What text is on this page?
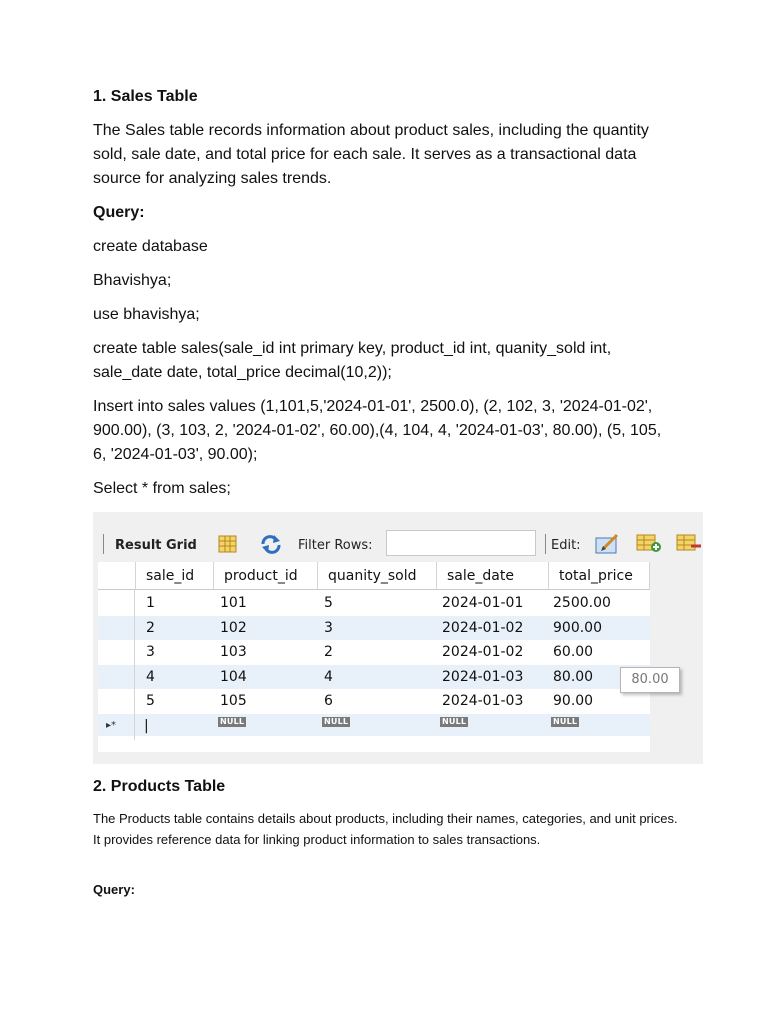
1. Sales Table
The Sales table records information about product sales, including the quantity sold, sale date, and total price for each sale. It serves as a transactional data source for analyzing sales trends.
Query:
create database
Bhavishya;
use bhavishya;
create table sales(sale_id int primary key, product_id int, quanity_sold int, sale_date date, total_price decimal(10,2));
Insert into sales values (1,101,5,'2024-01-01', 2500.0), (2, 102, 3, '2024-01-02', 900.00), (3, 103, 2, '2024-01-02', 60.00),(4, 104, 4, '2024-01-03', 80.00), (5, 105, 6, '2024-01-03', 90.00);
Select * from sales;
Result Grid	Filter Rows:	Edit:
sale_id	product_id	quanity_sold	sale_date	total_price
1	101	5	2024-01-01 2500.00
2	102	3	2024-01-02 900.00
3	103	2	2024-01-02 60.00
4	104	4	2024-01-03 80.00
5	105	6	2024-01-03 90.00
▸* |	NULL	NULL	NULL	NULL
80.00
2. Products Table
The Products table contains details about products, including their names, categories, and unit prices. It provides reference data for linking product information to sales transactions.
Query:
